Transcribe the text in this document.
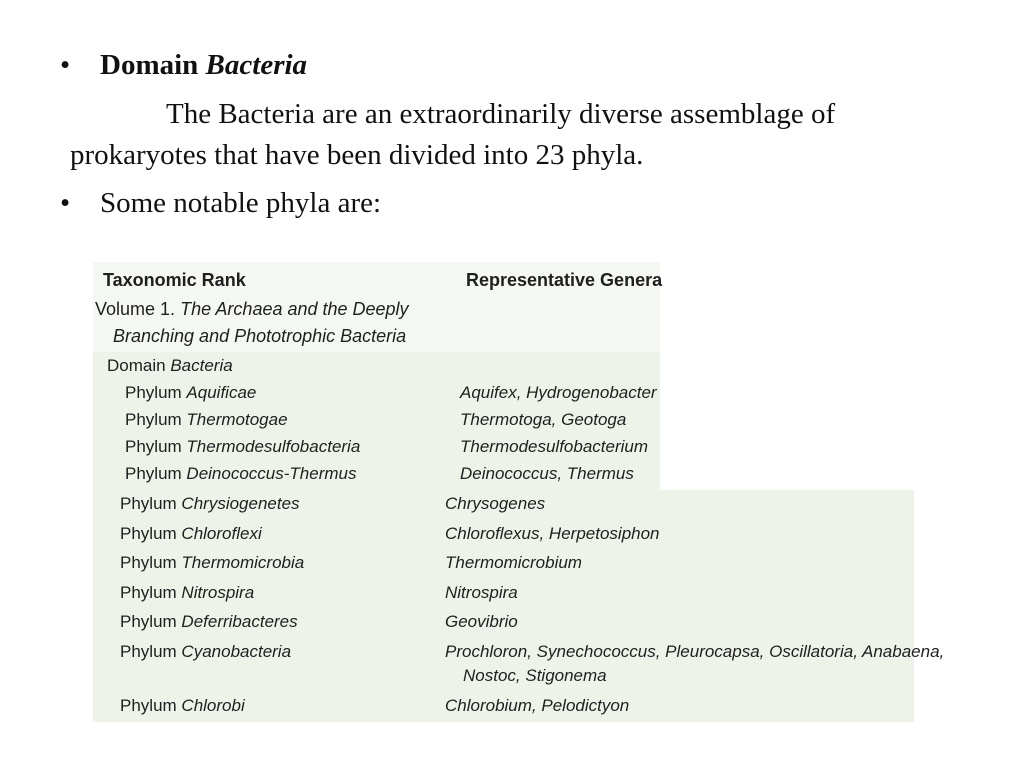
• Domain Bacteria
The Bacteria are an extraordinarily diverse assemblage of
prokaryotes that have been divided into 23 phyla.
• Some notable phyla are:
Taxonomic Rank	Representative Genera
Volume 1. The Archaea and the Deeply
Branching and Phototrophic Bacteria
Domain Bacteria
Phylum Aquificae	Aquifex, Hydrogenobacter
Phylum Thermotogae	Thermotoga, Geotoga
Phylum Thermodesulfobacteria	Thermodesulfobacterium
Phylum Deinococcus-Thermus	Deinococcus, Thermus
Phylum Chrysiogenetes	Chrysogenes
Phylum Chloroflexi	Chloroflexus, Herpetosiphon
Phylum Thermomicrobia	Thermomicrobium
Phylum Nitrospira	Nitrospira
Phylum Deferribacteres	Geovibrio
Phylum Cyanobacteria	Prochloron, Synechococcus, Pleurocapsa, Oscillatoria, Anabaena,
Nostoc, Stigonema
Phylum Chlorobi	Chlorobium, Pelodictyon
